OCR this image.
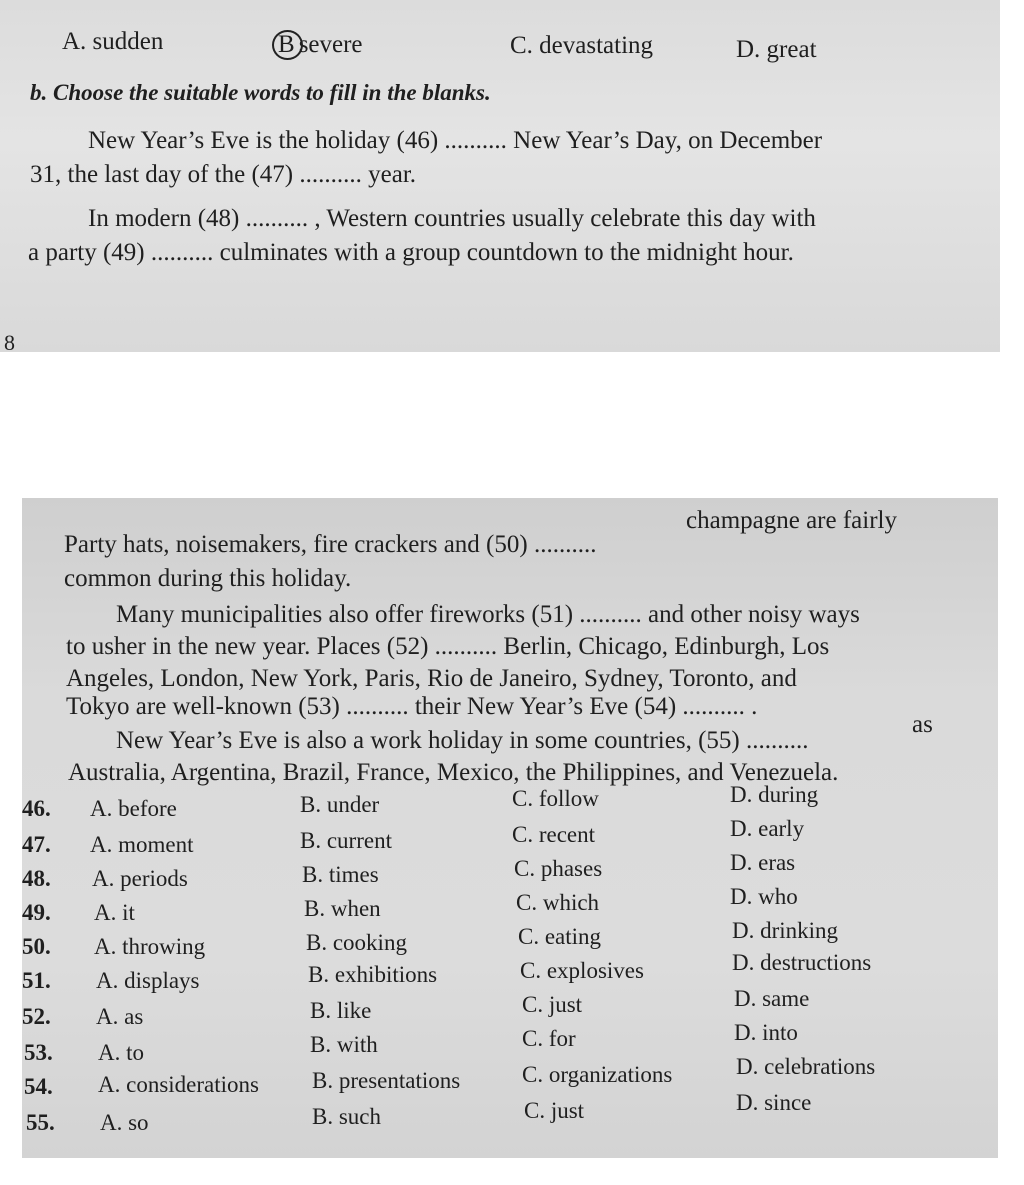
A. sudden	B severe	C. devastating	D. great
b. Choose the suitable words to fill in the blanks.
New Year’s Eve is the holiday (46) .......... New Year’s Day, on December
31, the last day of the (47) .......... year.
In modern (48) .......... , Western countries usually celebrate this day with
a party (49) .......... culminates with a group countdown to the midnight hour.
8
Party hats, noisemakers, fire crackers and (50) ..........
champagne are fairly
common during this holiday.
Many municipalities also offer fireworks (51) .......... and other noisy ways
to usher in the new year. Places (52) .......... Berlin, Chicago, Edinburgh, Los
Angeles, London, New York, Paris, Rio de Janeiro, Sydney, Toronto, and
Tokyo are well-known (53) .......... their New Year’s Eve (54) .......... .
New Year’s Eve is also a work holiday in some countries, (55) ..........
as
Australia, Argentina, Brazil, France, Mexico, the Philippines, and Venezuela.
46. A. before	B. under	C. follow	D. during
47. A. moment	B. current	C. recent	D. early
48. A. periods	B. times	C. phases	D. eras
49. A. it	B. when	C. which	D. who
50. A. throwing	B. cooking	C. eating	D. drinking
51. A. displays	B. exhibitions	C. explosives	D. destructions
52. A. as	B. like	C. just	D. same
53. A. to	B. with	C. for	D. into
54. A. considerations B. presentations	C. organizations	D. celebrations
55. A. so	B. such	C. just	D. since
